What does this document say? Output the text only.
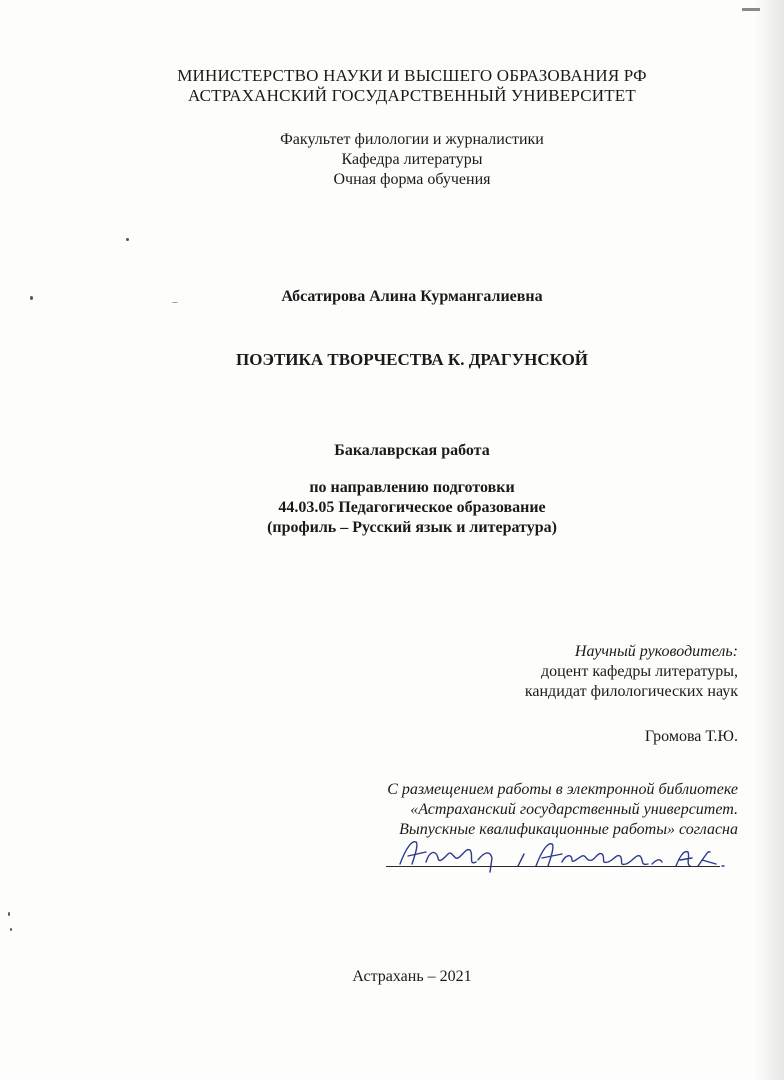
МИНИСТЕРСТВО НАУКИ И ВЫСШЕГО ОБРАЗОВАНИЯ РФ
АСТРАХАНСКИЙ ГОСУДАРСТВЕННЫЙ УНИВЕРСИТЕТ
Факультет филологии и журналистики
Кафедра литературы
Очная форма обучения
Абсатирова Алина Курмангалиевна
ПОЭТИКА ТВОРЧЕСТВА К. ДРАГУНСКОЙ
Бакалаврская работа
по направлению подготовки
44.03.05 Педагогическое образование
(профиль – Русский язык и литература)
Научный руководитель:
доцент кафедры литературы,
кандидат филологических наук
Громова Т.Ю.
С размещением работы в электронной библиотеке
«Астраханский государственный университет.
Выпускные квалификационные работы» согласна
Астрахань – 2021
